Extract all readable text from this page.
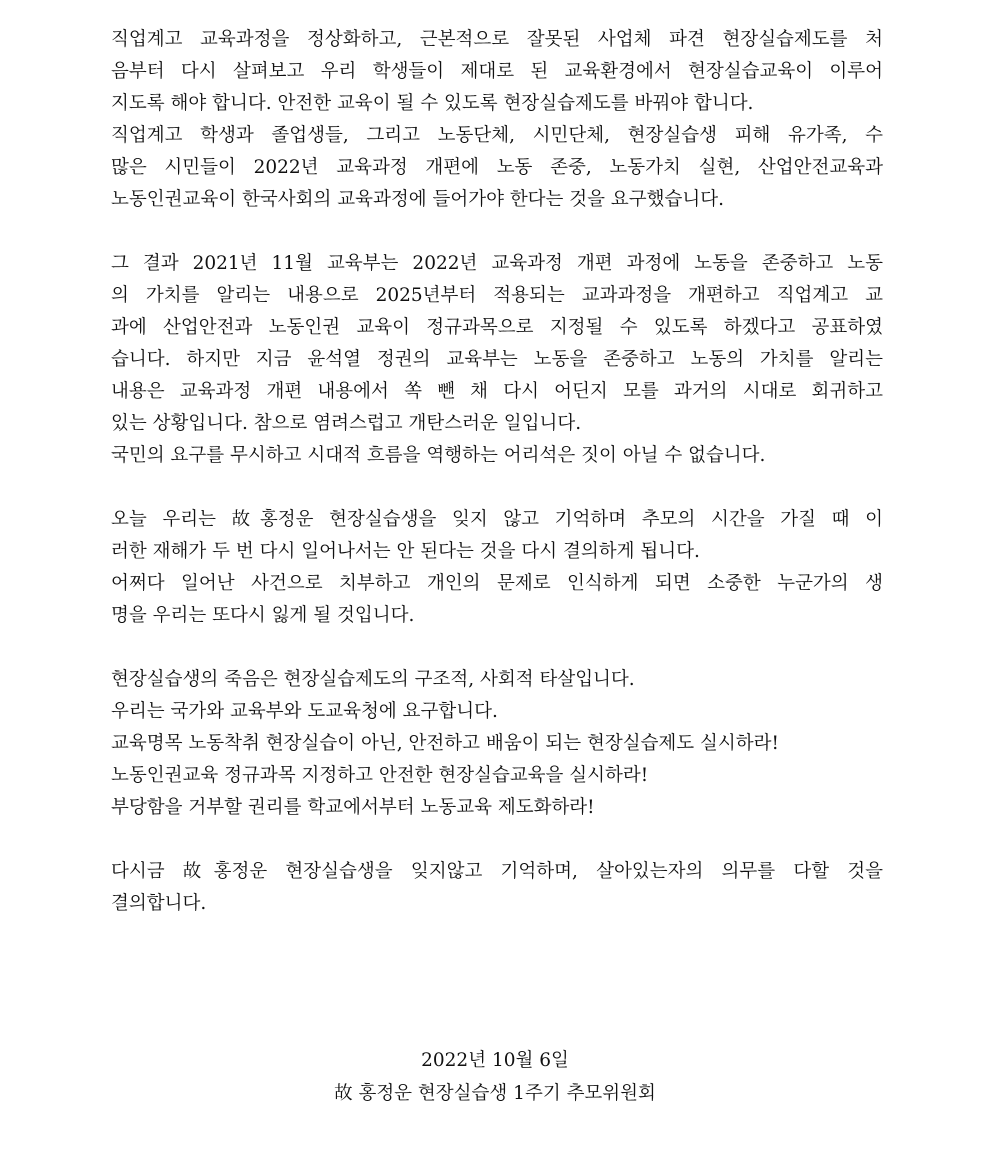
직업계고 교육과정을 정상화하고, 근본적으로 잘못된 사업체 파견 현장실습제도를 처
음부터 다시 살펴보고 우리 학생들이 제대로 된 교육환경에서 현장실습교육이 이루어
지도록 해야 합니다. 안전한 교육이 될 수 있도록 현장실습제도를 바꿔야 합니다.
직업계고 학생과 졸업생들, 그리고 노동단체, 시민단체, 현장실습생 피해 유가족, 수
많은 시민들이 2022년 교육과정 개편에 노동 존중, 노동가치 실현, 산업안전교육과
노동인권교육이 한국사회의 교육과정에 들어가야 한다는 것을 요구했습니다.
그 결과 2021년 11월 교육부는 2022년 교육과정 개편 과정에 노동을 존중하고 노동
의 가치를 알리는 내용으로 2025년부터 적용되는 교과과정을 개편하고 직업계고 교
과에 산업안전과 노동인권 교육이 정규과목으로 지정될 수 있도록 하겠다고 공표하였
습니다. 하지만 지금 윤석열 정권의 교육부는 노동을 존중하고 노동의 가치를 알리는
내용은 교육과정 개편 내용에서 쏙 뺀 채 다시 어딘지 모를 과거의 시대로 회귀하고
있는 상황입니다. 참으로 염려스럽고 개탄스러운 일입니다.
국민의 요구를 무시하고 시대적 흐름을 역행하는 어리석은 짓이 아닐 수 없습니다.
오늘 우리는 故홍정운 현장실습생을 잊지 않고 기억하며 추모의 시간을 가질 때 이
러한 재해가 두 번 다시 일어나서는 안 된다는 것을 다시 결의하게 됩니다.
어쩌다 일어난 사건으로 치부하고 개인의 문제로 인식하게 되면 소중한 누군가의 생
명을 우리는 또다시 잃게 될 것입니다.
현장실습생의 죽음은 현장실습제도의 구조적, 사회적 타살입니다.
우리는 국가와 교육부와 도교육청에 요구합니다.
교육명목 노동착취 현장실습이 아닌, 안전하고 배움이 되는 현장실습제도 실시하라!
노동인권교육 정규과목 지정하고 안전한 현장실습교육을 실시하라!
부당함을 거부할 권리를 학교에서부터 노동교육 제도화하라!
다시금 故홍정운 현장실습생을 잊지않고 기억하며, 살아있는자의 의무를 다할 것을
결의합니다.
2022년 10월 6일
故 홍정운 현장실습생 1주기 추모위원회
